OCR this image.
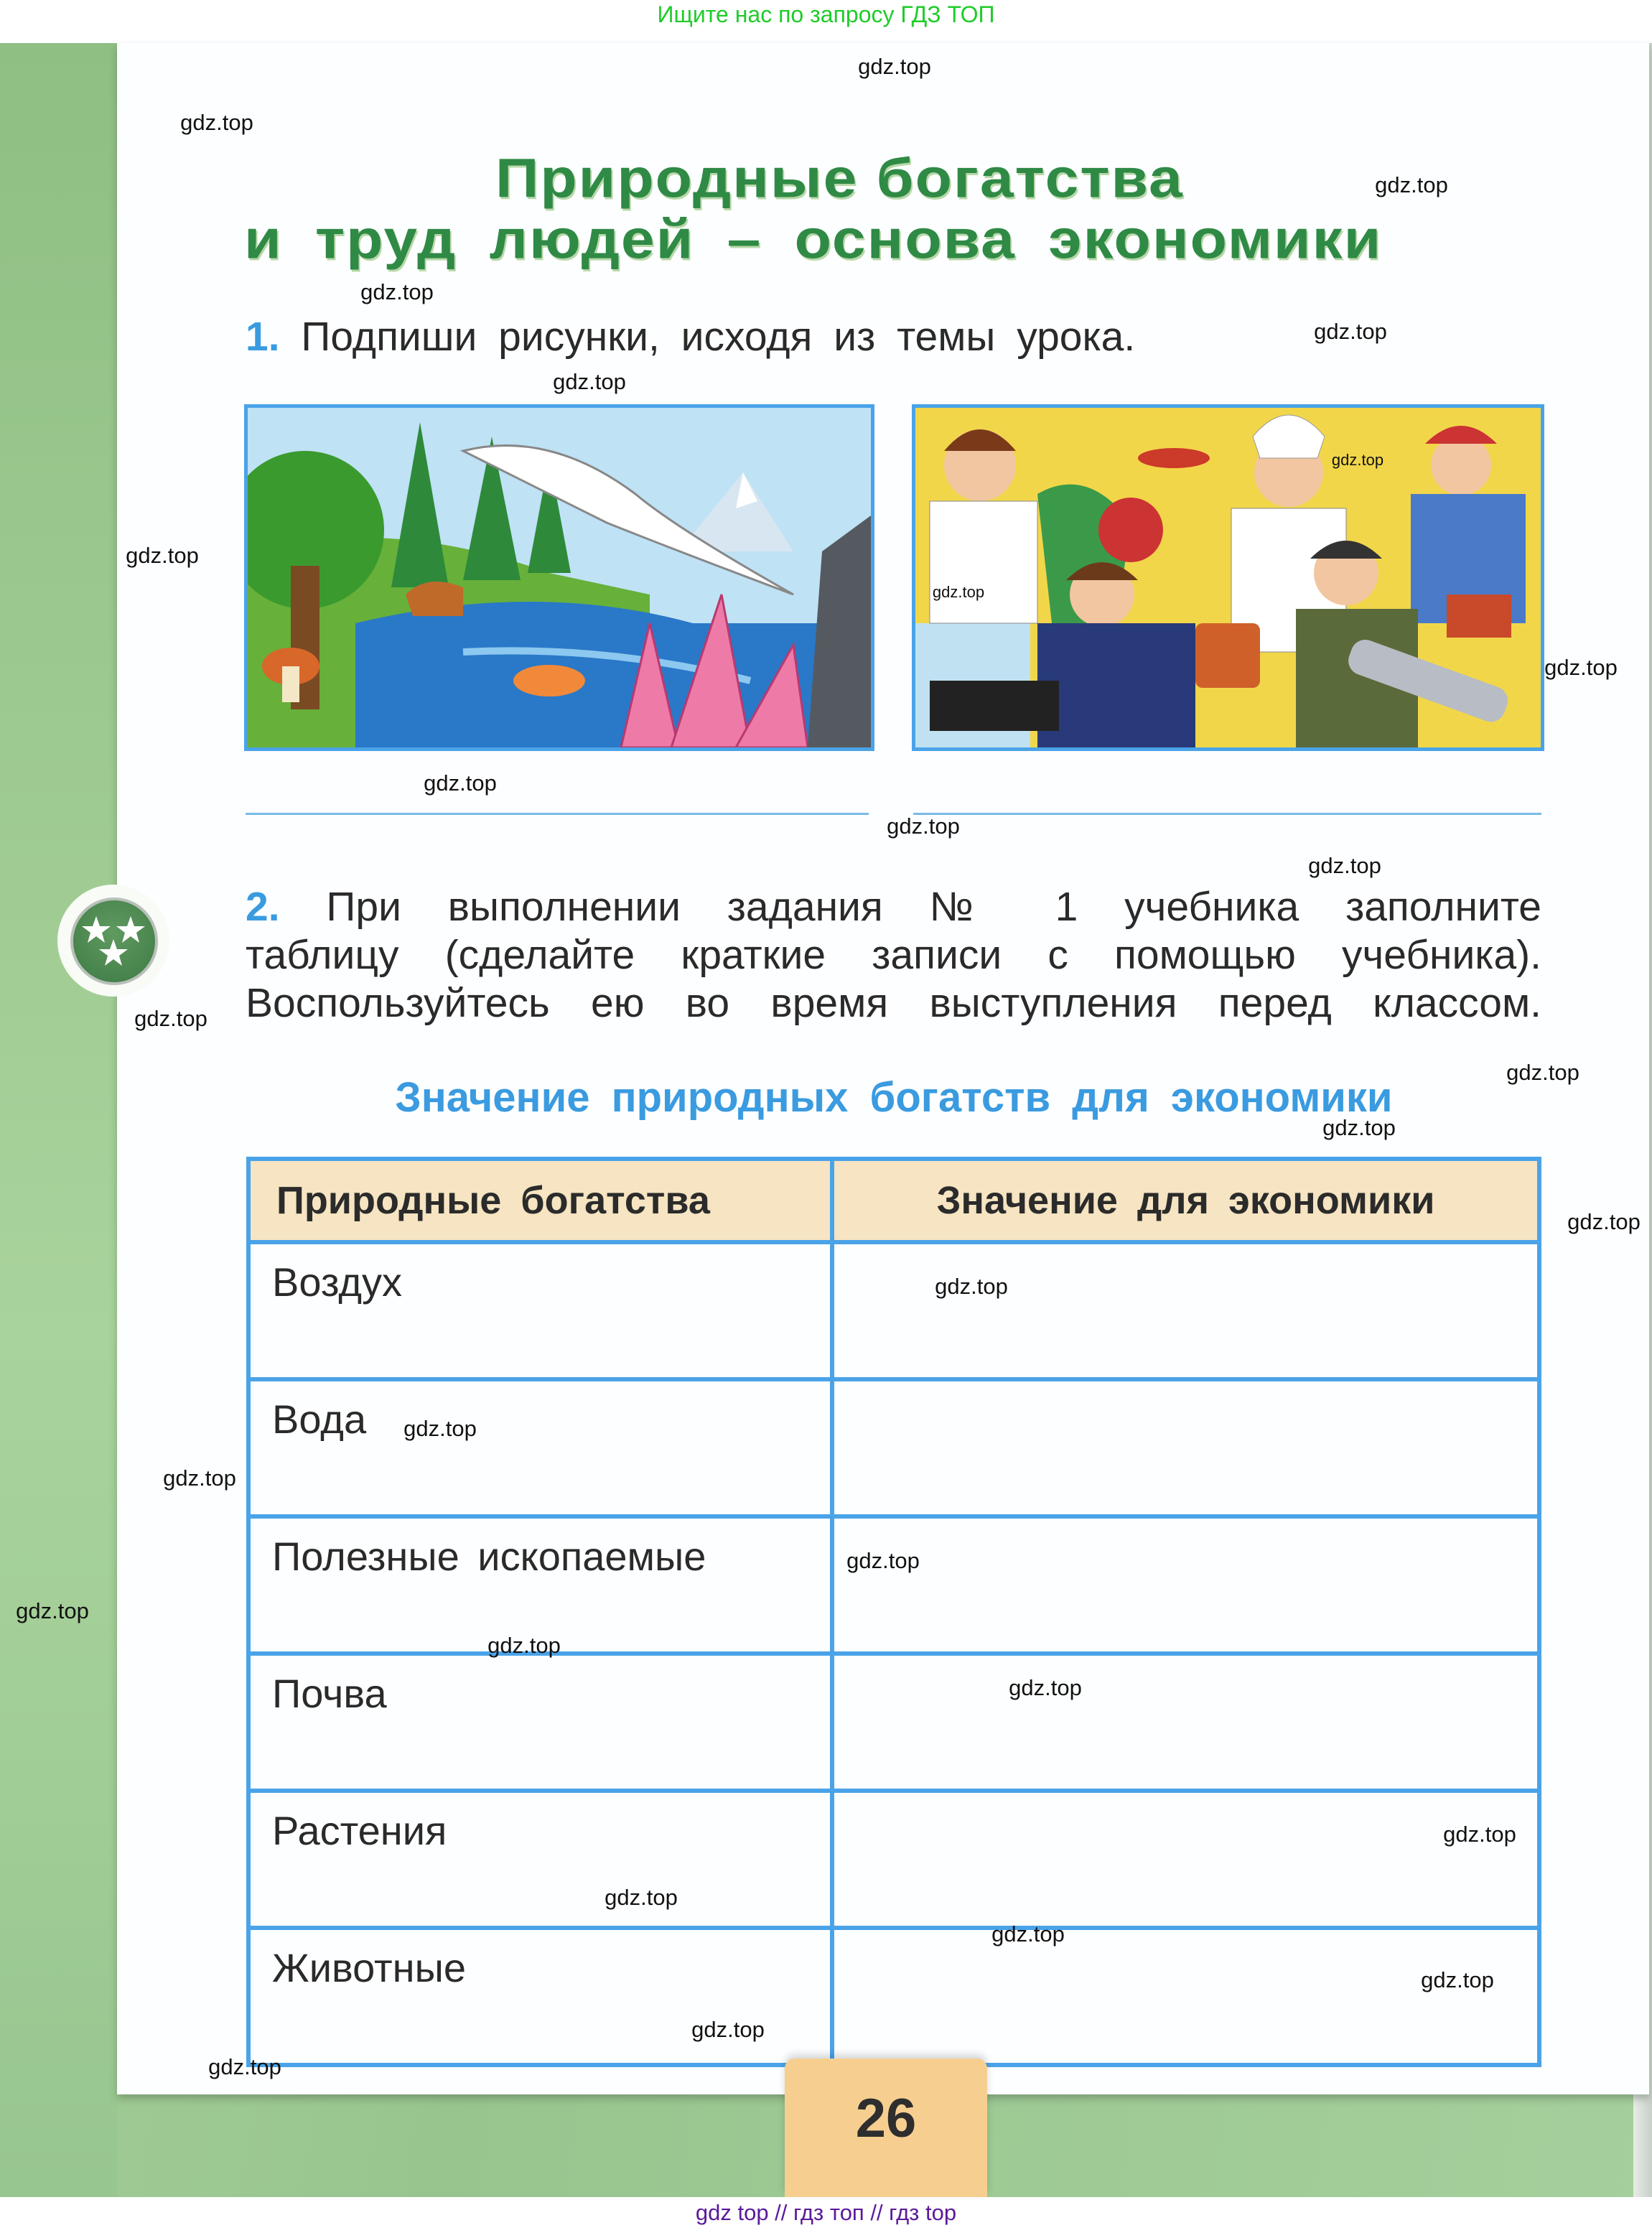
Ищите нас по запросу ГДЗ ТОП
Природные богатства
и труд людей – основа экономики
1. Подпиши рисунки, исходя из темы урока.
2. При выполнении задания № 1 учебника заполните
таблицу (сделайте краткие записи с помощью учебника).
Воспользуйтесь ею во время выступления перед классом.
Значение природных богатств для экономики
Природные богатства	Значение для экономики
Воздух	
Вода	
Полезные ископаемые	
Почва	
Растения	
Животные	
26
gdz top // гдз топ // гдз top
gdz.top
gdz.top
gdz.top
gdz.top
gdz.top
gdz.top
gdz.top
gdz.top
gdz.top
gdz.top
gdz.top
gdz.top
gdz.top
gdz.top
gdz.top
gdz.top
gdz.top
gdz.top
gdz.top
gdz.top
gdz.top
gdz.top
gdz.top
gdz.top
gdz.top
gdz.top
gdz.top
gdz.top
gdz.top
gdz.top
